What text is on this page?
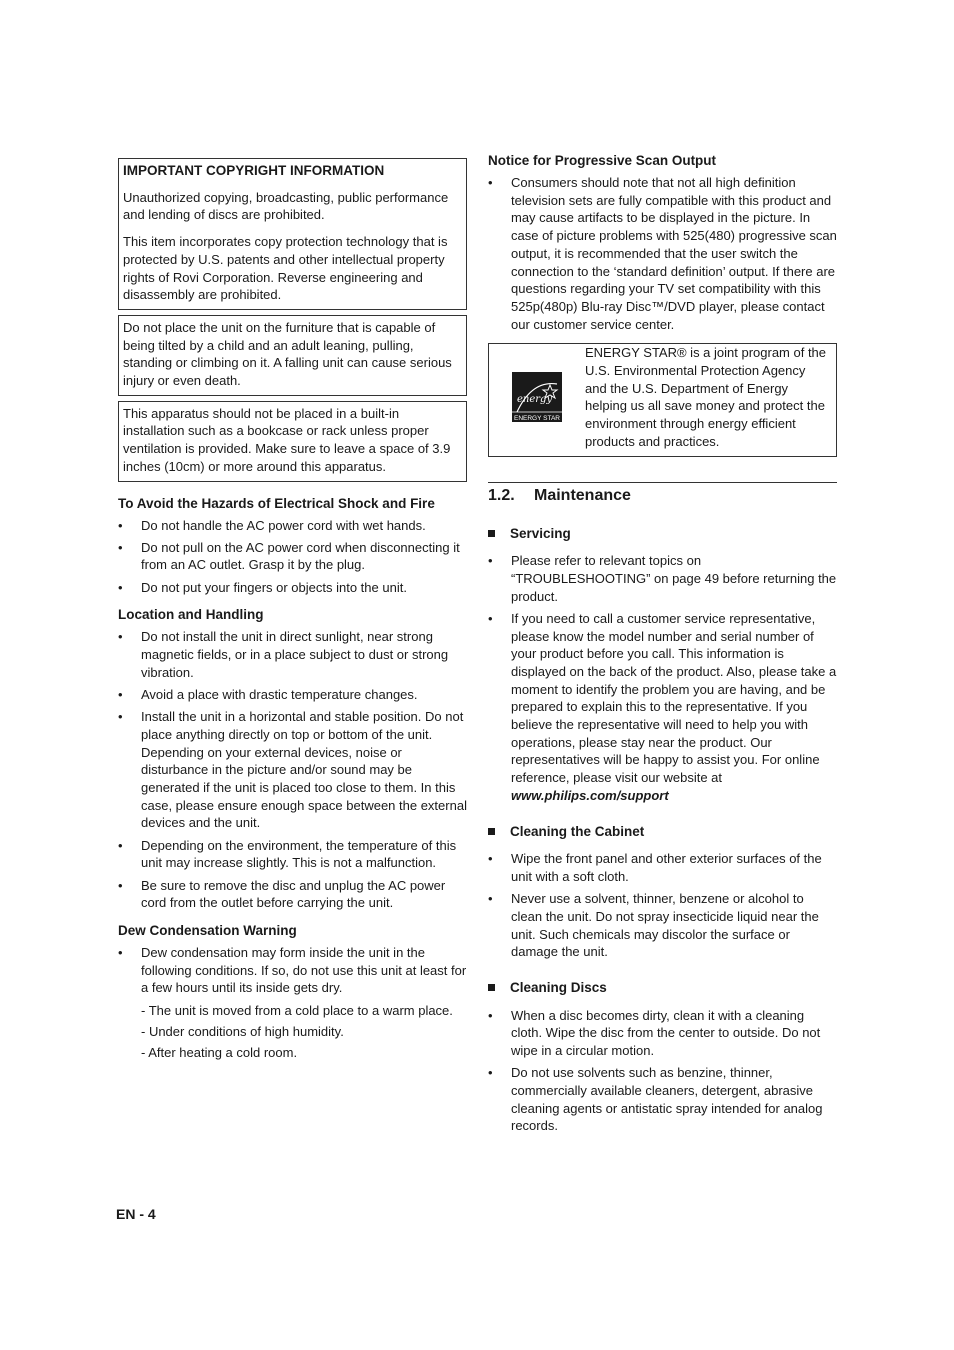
IMPORTANT COPYRIGHT INFORMATION

Unauthorized copying, broadcasting, public performance and lending of discs are prohibited.

This item incorporates copy protection technology that is protected by U.S. patents and other intellectual property rights of Rovi Corporation. Reverse engineering and disassembly are prohibited.

Do not place the unit on the furniture that is capable of being tilted by a child and an adult leaning, pulling, standing or climbing on it. A falling unit can cause serious injury or even death.

This apparatus should not be placed in a built-in installation such as a bookcase or rack unless proper ventilation is provided. Make sure to leave a space of 3.9 inches (10cm) or more around this apparatus.

To Avoid the Hazards of Electrical Shock and Fire
• Do not handle the AC power cord with wet hands.
• Do not pull on the AC power cord when disconnecting it from an AC outlet. Grasp it by the plug.
• Do not put your fingers or objects into the unit.
Location and Handling
• Do not install the unit in direct sunlight, near strong magnetic fields, or in a place subject to dust or strong vibration.
• Avoid a place with drastic temperature changes.
• Install the unit in a horizontal and stable position. Do not place anything directly on top or bottom of the unit. Depending on your external devices, noise or disturbance in the picture and/or sound may be generated if the unit is placed too close to them. In this case, please ensure enough space between the external devices and the unit.
• Depending on the environment, the temperature of this unit may increase slightly. This is not a malfunction.
• Be sure to remove the disc and unplug the AC power cord from the outlet before carrying the unit.
Dew Condensation Warning
• Dew condensation may form inside the unit in the following conditions. If so, do not use this unit at least for a few hours until its inside gets dry.
- The unit is moved from a cold place to a warm place.
- Under conditions of high humidity.
- After heating a cold room.
Notice for Progressive Scan Output
• Consumers should note that not all high definition television sets are fully compatible with this product and may cause artifacts to be displayed in the picture. In case of picture problems with 525(480) progressive scan output, it is recommended that the user switch the connection to the ‘standard definition’ output. If there are questions regarding your TV set compatibility with this 525p(480p) Blu-ray Disc™/DVD player, please contact our customer service center.
energy
ENERGY STAR

ENERGY STAR® is a joint program of the U.S. Environmental Protection Agency and the U.S. Department of Energy helping us all save money and protect the environment through energy efficient products and practices.

1.2. Maintenance

Servicing
• Please refer to relevant topics on “TROUBLESHOOTING” on page 49 before returning the product.
• If you need to call a customer service representative, please know the model number and serial number of your product before you call. This information is displayed on the back of the product. Also, please take a moment to identify the problem you are having, and be prepared to explain this to the representative. If you believe the representative will need to help you with operations, please stay near the product. Our representatives will be happy to assist you. For online reference, please visit our website at
www.philips.com/support
Cleaning the Cabinet
• Wipe the front panel and other exterior surfaces of the unit with a soft cloth.
• Never use a solvent, thinner, benzene or alcohol to clean the unit. Do not spray insecticide liquid near the unit. Such chemicals may discolor the surface or damage the unit.
Cleaning Discs
• When a disc becomes dirty, clean it with a cleaning cloth. Wipe the disc from the center to outside. Do not wipe in a circular motion.
• Do not use solvents such as benzine, thinner, commercially available cleaners, detergent, abrasive cleaning agents or antistatic spray intended for analog records.
EN - 4
